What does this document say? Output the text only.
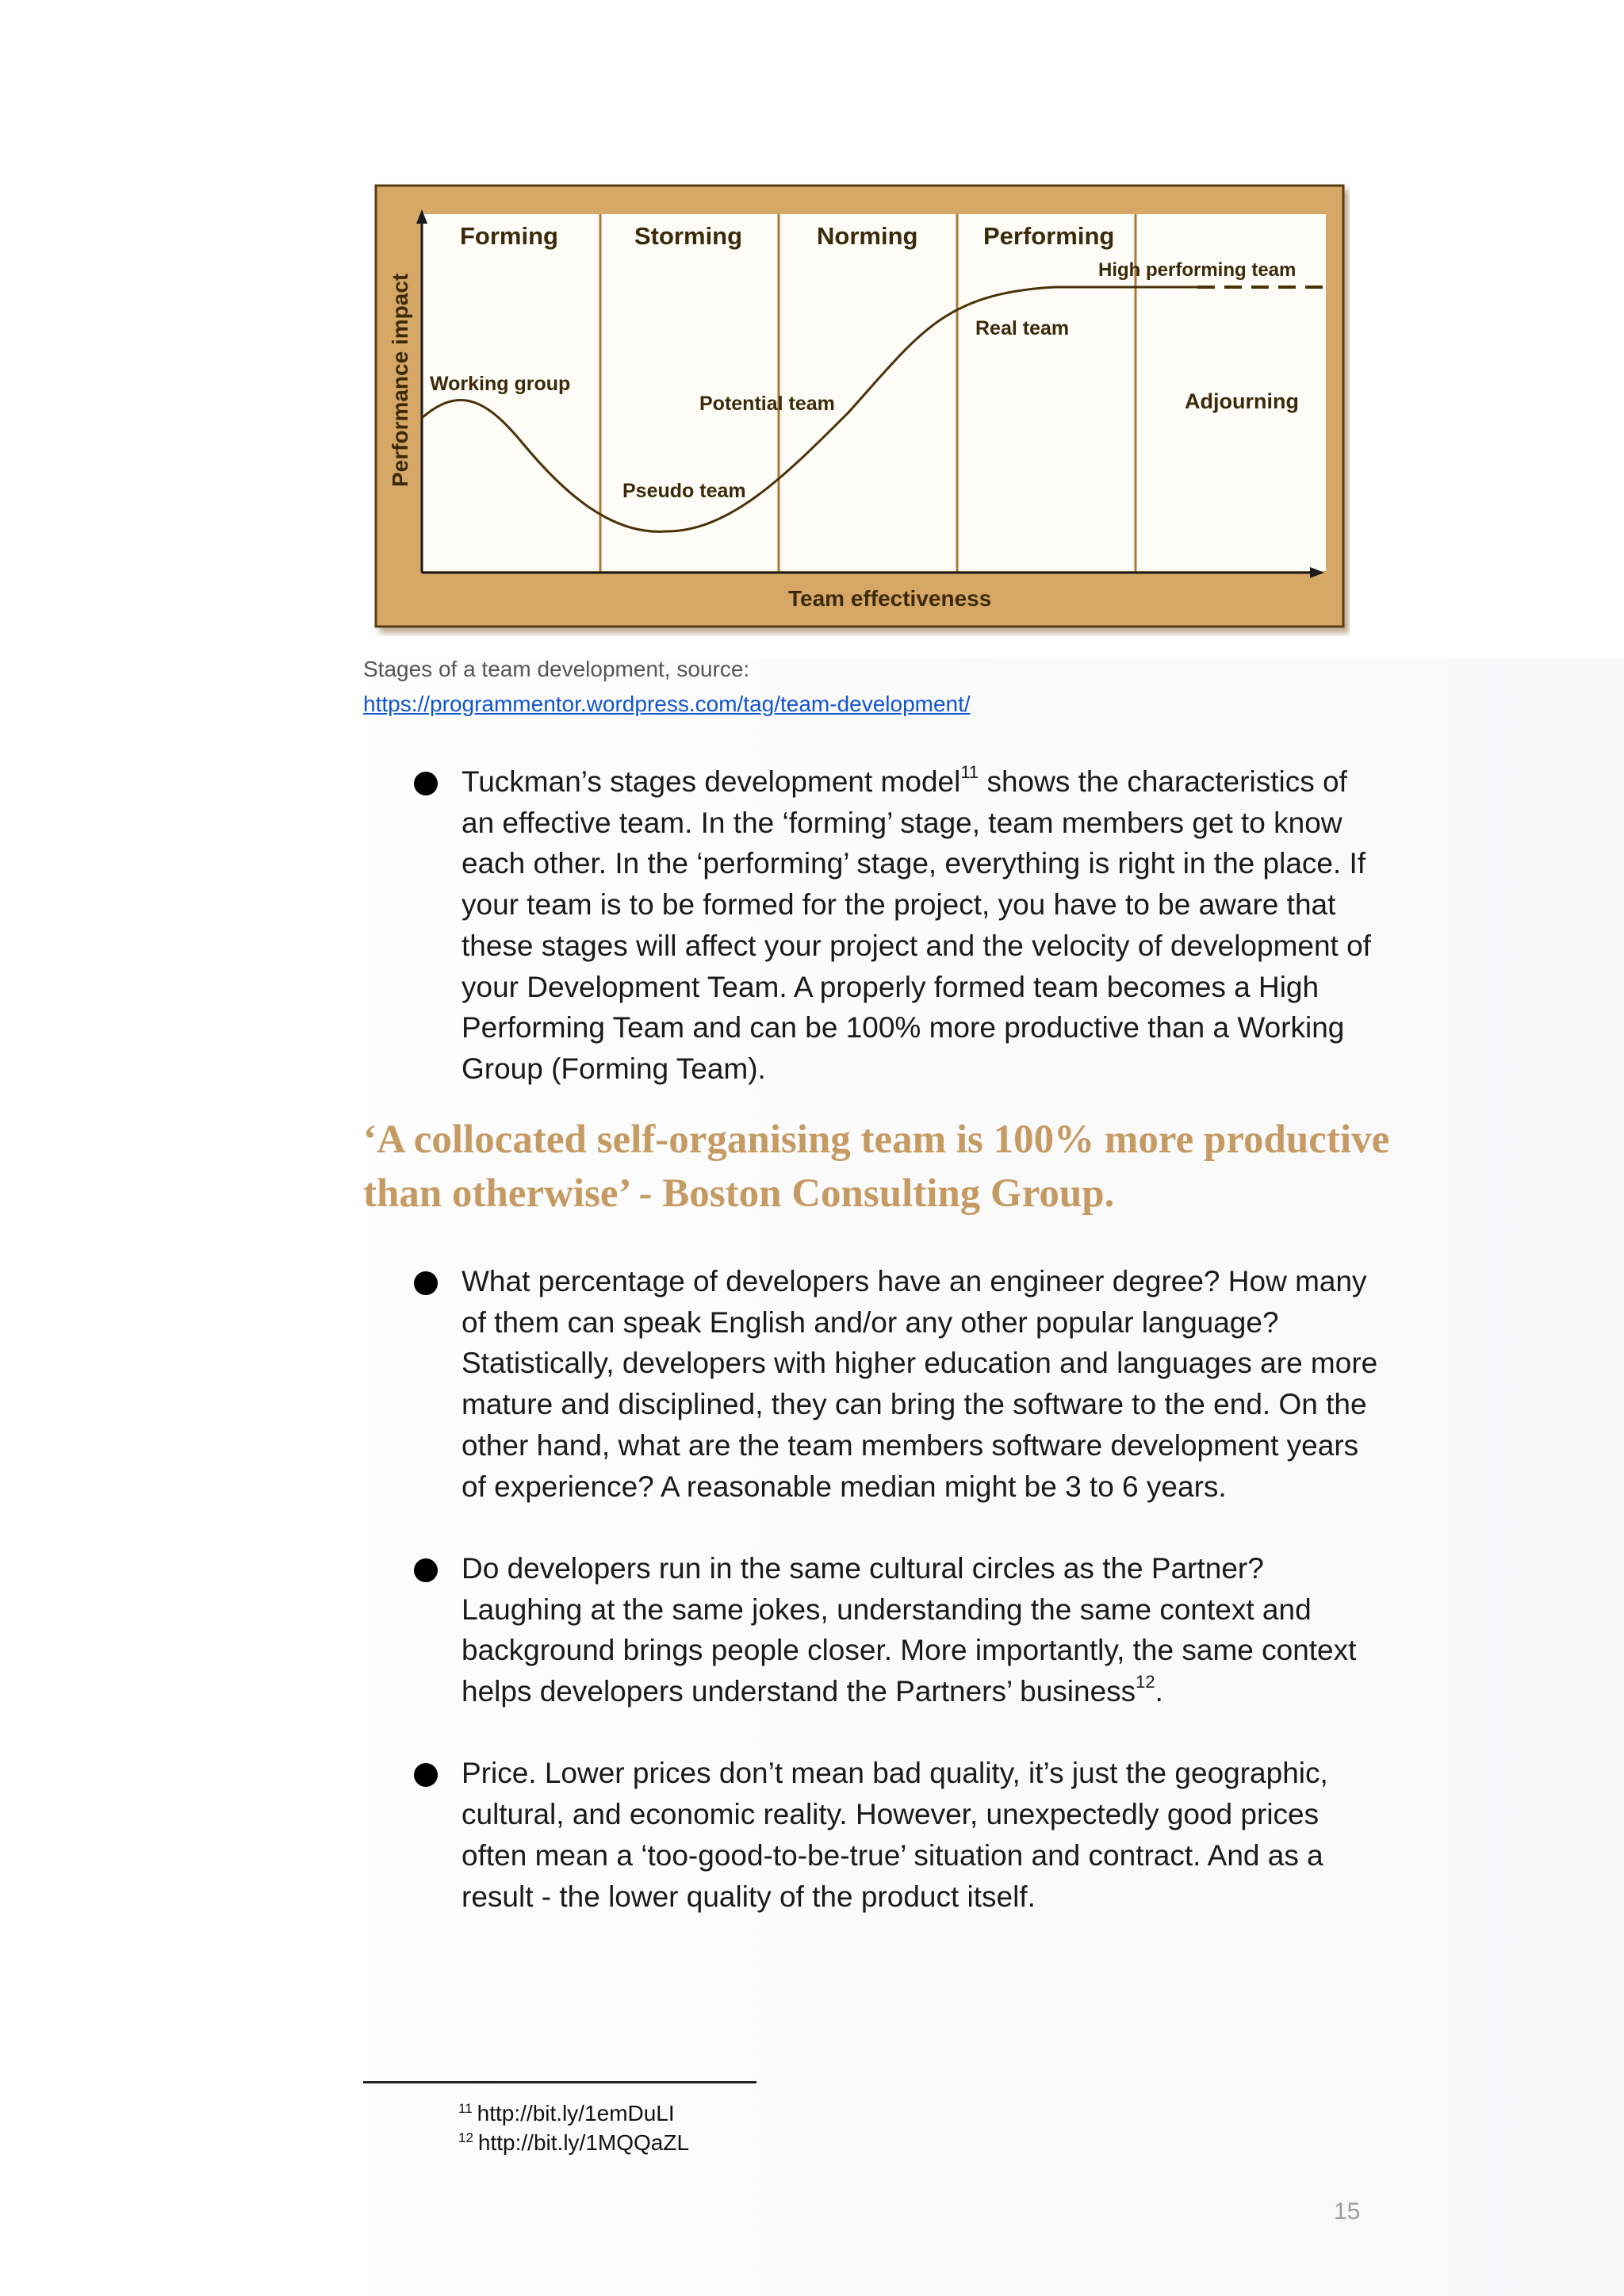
Forming	Storming	Norming	Performing
High performing team
Real team
Working group
Potential team	Adjourning
Pseudo team
Team effectiveness
Performance impact
Stages of a team development, source:
https://programmentor.wordpress.com/tag/team-development/
Tuckman’s stages development model$^{11}$ shows the characteristics of an effective team. In the ‘forming’ stage, team members get to know each other. In the ‘performing’ stage, everything is right in the place. If your team is to be formed for the project, you have to be aware that these stages will affect your project and the velocity of development of your Development Team. A properly formed team becomes a High Performing Team and can be 100% more productive than a Working Group (Forming Team).
‘A collocated self-organising team is 100% more productive than otherwise’ - Boston Consulting Group.
What percentage of developers have an engineer degree? How many of them can speak English and/or any other popular language? Statistically, developers with higher education and languages are more mature and disciplined, they can bring the software to the end. On the other hand, what are the team members software development years of experience? A reasonable median might be 3 to 6 years.
Do developers run in the same cultural circles as the Partner? Laughing at the same jokes, understanding the same context and background brings people closer. More importantly, the same context helps developers understand the Partners’ business$^{12}$.
Price. Lower prices don’t mean bad quality, it’s just the geographic, cultural, and economic reality. However, unexpectedly good prices often mean a ‘too-good-to-be-true’ situation and contract. And as a result - the lower quality of the product itself.
$^{11}$ http://bit.ly/1emDuLI
$^{12}$ http://bit.ly/1MQQaZL
15
